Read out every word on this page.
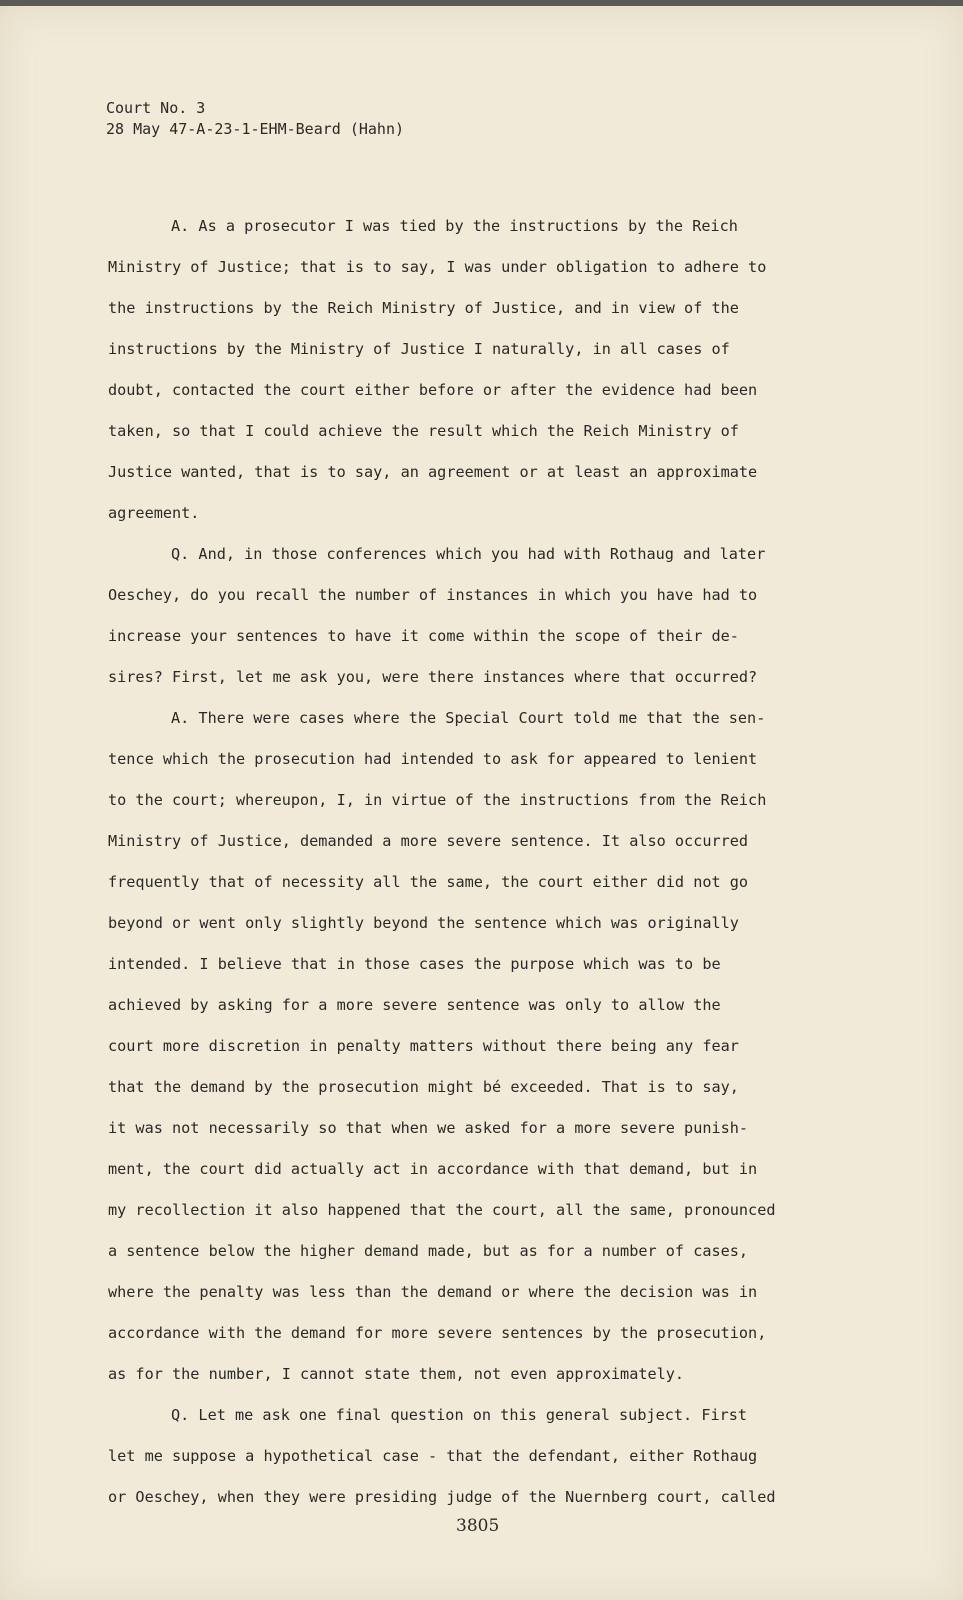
Court No. 3
28 May 47-A-23-1-EHM-Beard (Hahn)
A. As a prosecutor I was tied by the instructions by the Reich
Ministry of Justice; that is to say, I was under obligation to adhere to
the instructions by the Reich Ministry of Justice, and in view of the
instructions by the Ministry of Justice I naturally, in all cases of
doubt, contacted the court either before or after the evidence had been
taken, so that I could achieve the result which the Reich Ministry of
Justice wanted, that is to say, an agreement or at least an approximate
agreement.
Q. And, in those conferences which you had with Rothaug and later
Oeschey, do you recall the number of instances in which you have had to
increase your sentences to have it come within the scope of their de-
sires? First, let me ask you, were there instances where that occurred?
A. There were cases where the Special Court told me that the sen-
tence which the prosecution had intended to ask for appeared to lenient
to the court; whereupon, I, in virtue of the instructions from the Reich
Ministry of Justice, demanded a more severe sentence. It also occurred
frequently that of necessity all the same, the court either did not go
beyond or went only slightly beyond the sentence which was originally
intended. I believe that in those cases the purpose which was to be
achieved by asking for a more severe sentence was only to allow the
court more discretion in penalty matters without there being any fear
that the demand by the prosecution might bé exceeded. That is to say,
it was not necessarily so that when we asked for a more severe punish-
ment, the court did actually act in accordance with that demand, but in
my recollection it also happened that the court, all the same, pronounced
a sentence below the higher demand made, but as for a number of cases,
where the penalty was less than the demand or where the decision was in
accordance with the demand for more severe sentences by the prosecution,
as for the number, I cannot state them, not even approximately.
Q. Let me ask one final question on this general subject. First
let me suppose a hypothetical case - that the defendant, either Rothaug
or Oeschey, when they were presiding judge of the Nuernberg court, called
3805
